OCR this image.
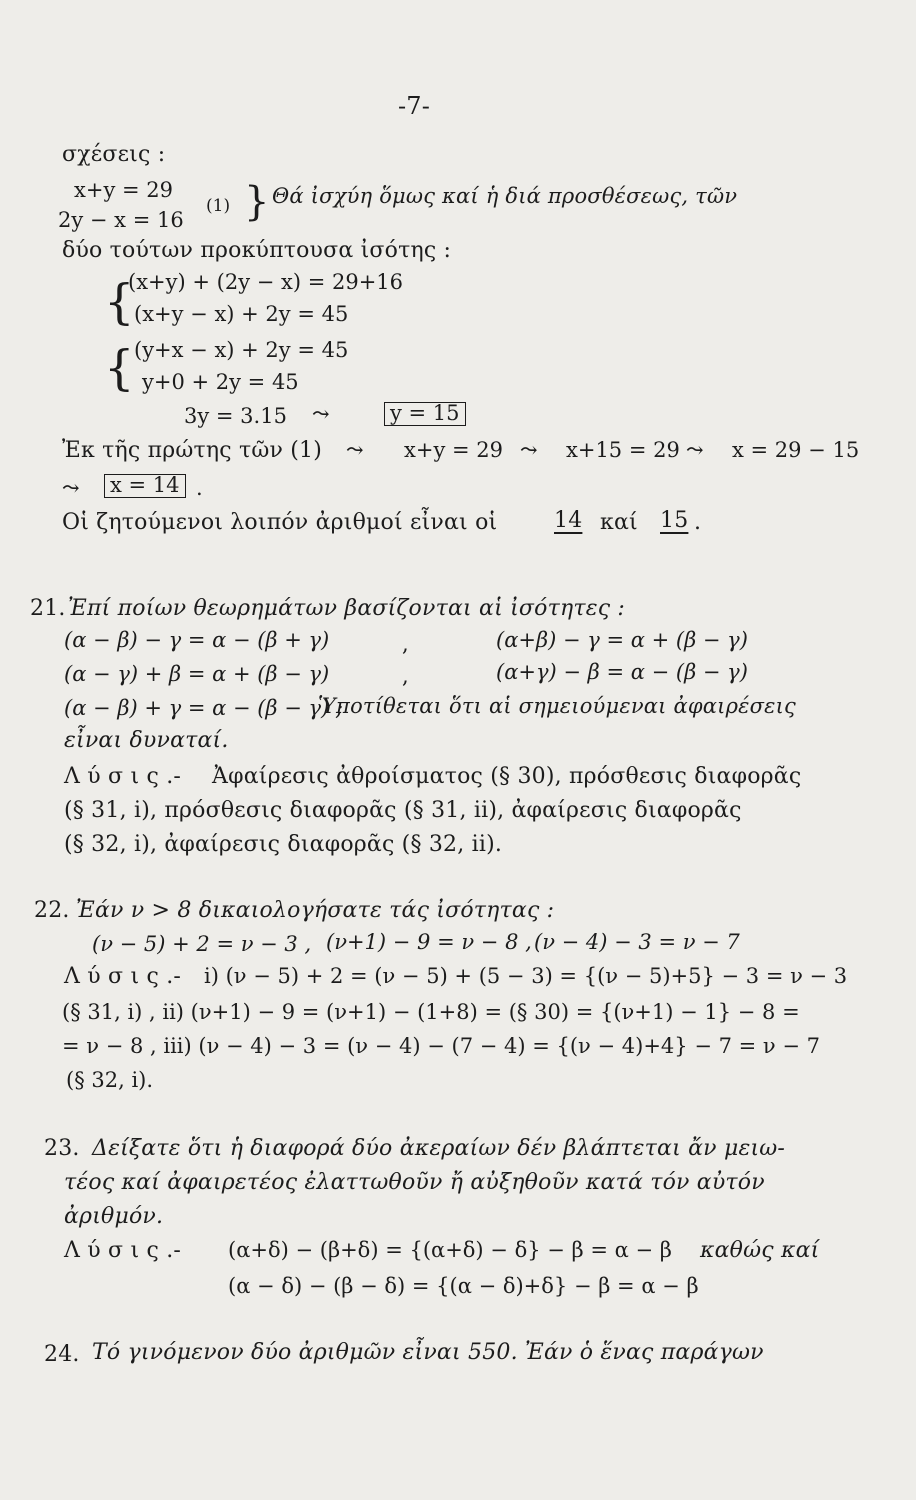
-7-
σχέσεις :
x+y = 29
2y − x = 16
(1) } Θά ἰσχύη ὅμως καί ἡ διά προσθέσεως, τῶν
δύο τούτων προκύπτουσα ἰσότης :
{
(x+y) + (2y − x) = 29+16
(x+y − x) + 2y = 45
{ (y+x − x) + 2y = 45
y+0 + 2y = 45
3y = 3.15 ⤳	y = 15
Ἐκ τῆς πρώτης τῶν (1) ⤳ x+y = 29 ⤳ x+15 = 29 ⤳ x = 29 − 15
⤳ x = 14 .
Οἱ ζητούμενοι λοιπόν ἀριθμοί εἶναι οἱ	14 καί 15 .
21. Ἐπί ποίων θεωρημάτων βασίζονται αἱ ἰσότητες :
(α − β) − γ = α − (β + γ)	,	(α+β) − γ = α + (β − γ)
(α − γ) + β = α + (β − γ)	,	(α+γ) − β = α − (β − γ)
(α − β) + γ = α − (β − γ) ;
Ὑποτίθεται ὅτι αἱ σημειούμεναι ἀφαιρέσεις
εἶναι δυναταί.
Λ ύ σ ι ς .- Ἀφαίρεσις ἀθροίσματος (§ 30), πρόσθεσις διαφορᾶς
(§ 31, i), πρόσθεσις διαφορᾶς (§ 31, ii), ἀφαίρεσις διαφορᾶς
(§ 32, i), ἀφαίρεσις διαφορᾶς (§ 32, ii).
22. Ἐάν ν > 8 δικαιολογήσατε τάς ἰσότητας :
(ν − 5) + 2 = ν − 3 , (ν+1) − 9 = ν − 8 , (ν − 4) − 3 = ν − 7
Λ ύ σ ι ς .- i) (ν − 5) + 2 = (ν − 5) + (5 − 3) = {(ν − 5)+5} − 3 = ν − 3
(§ 31, i) , ii) (ν+1) − 9 = (ν+1) − (1+8) = (§ 30) = {(ν+1) − 1} − 8 =
= ν − 8 , iii) (ν − 4) − 3 = (ν − 4) − (7 − 4) = {(ν − 4)+4} − 7 = ν − 7
(§ 32, i).
23. Δείξατε ὅτι ἡ διαφορά δύο ἀκεραίων δέν βλάπτεται ἄν μειω-
τέος καί ἀφαιρετέος ἐλαττωθοῦν ἤ αὐξηθοῦν κατά τόν αὐτόν
ἀριθμόν.
Λ ύ σ ι ς .- (α+δ) − (β+δ) = {(α+δ) − δ} − β = α − β καθώς καί
(α − δ) − (β − δ) = {(α − δ)+δ} − β = α − β
24. Τό γινόμενον δύο ἀριθμῶν εἶναι 550. Ἐάν ὁ ἕνας παράγων
